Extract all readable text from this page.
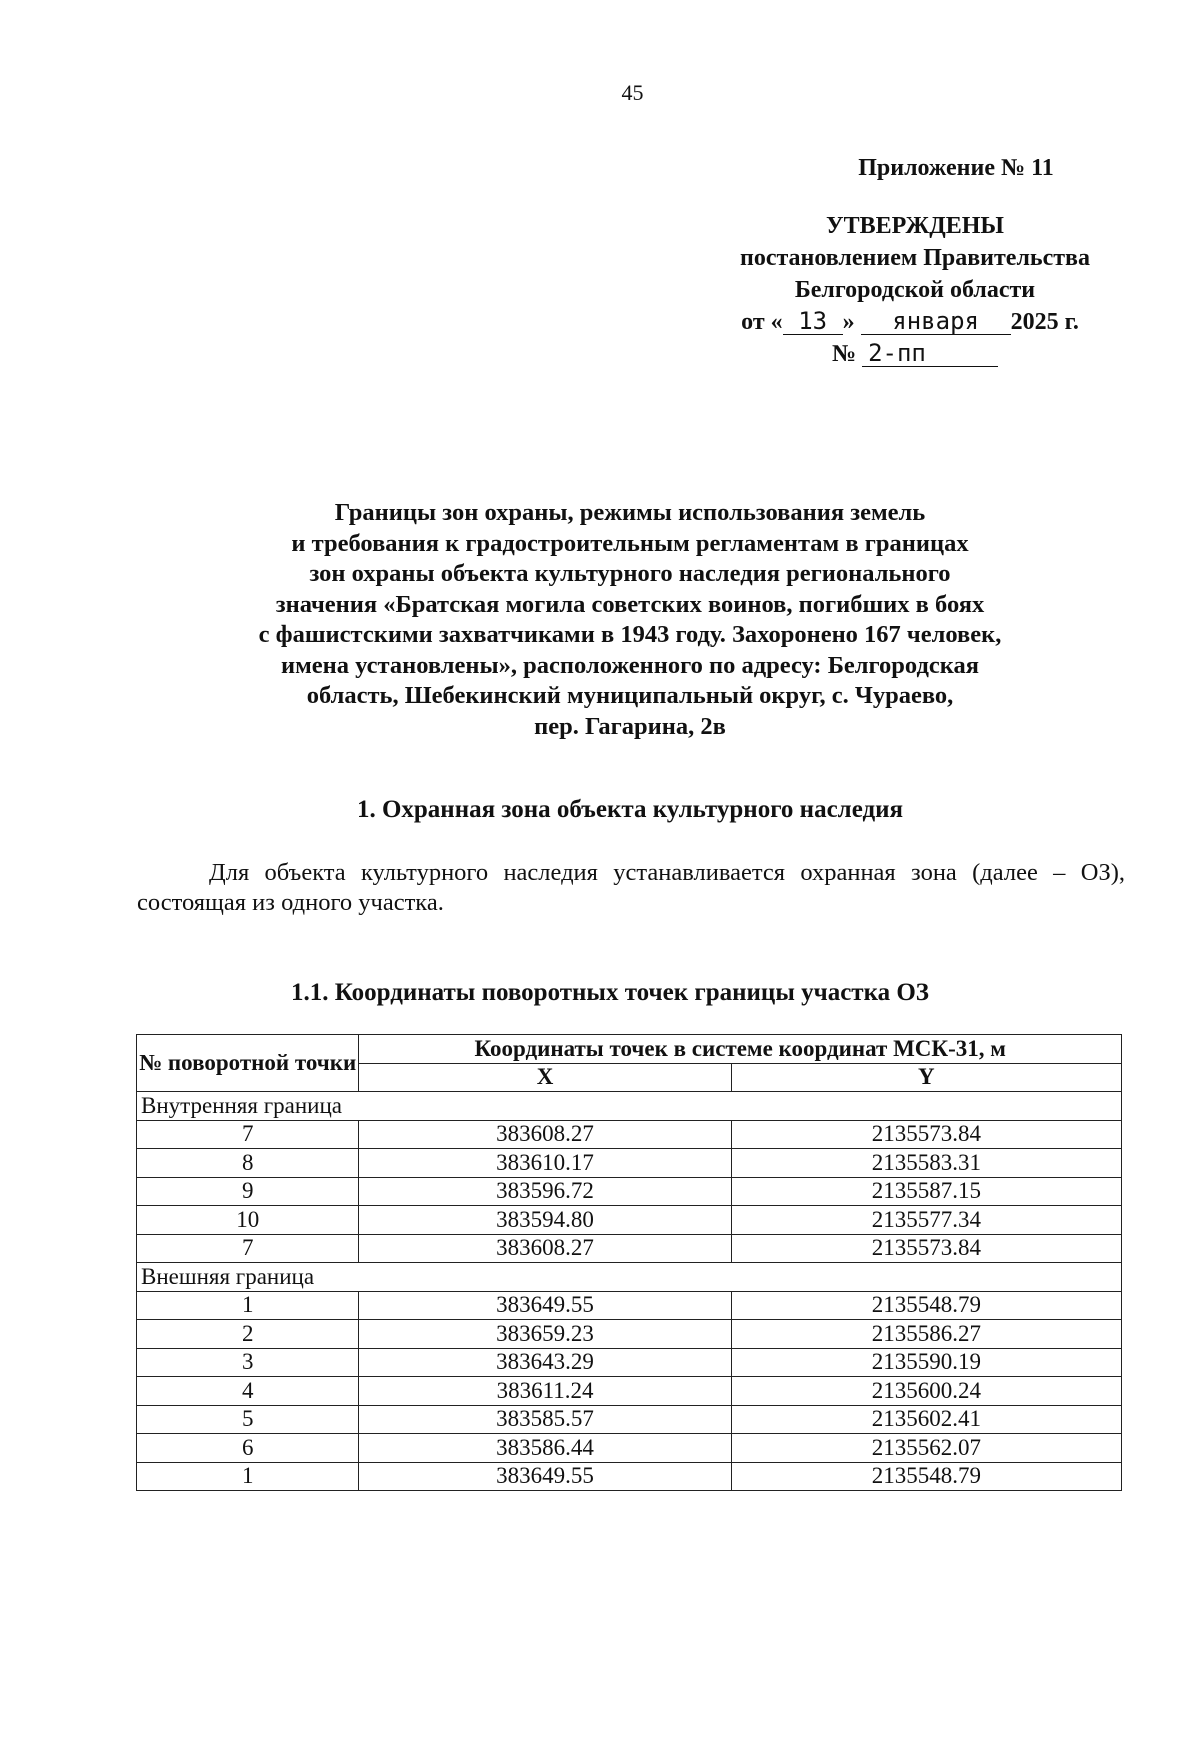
45
Приложение № 11
УТВЕРЖДЕНЫ
постановлением Правительства
Белгородской области
от « 13 » января 2025 г.
№ 2-пп
Границы зон охраны, режимы использования земель
и требования к градостроительным регламентам в границах
зон охраны объекта культурного наследия регионального
значения «Братская могила советских воинов, погибших в боях
с фашистскими захватчиками в 1943 году. Захоронено 167 человек,
имена установлены», расположенного по адресу: Белгородская
область, Шебекинский муниципальный округ, с. Чураево,
пер. Гагарина, 2в
1. Охранная зона объекта культурного наследия
Для объекта культурного наследия устанавливается охранная зона (далее – ОЗ), состоящая из одного участка.
1.1. Координаты поворотных точек границы участка ОЗ
№ поворотной точки	Координаты точек в системе координат МСК-31, м	
	X	Y
Внутренняя граница		
7	383608.27	2135573.84
8	383610.17	2135583.31
9	383596.72	2135587.15
10	383594.80	2135577.34
7	383608.27	2135573.84
Внешняя граница		
1	383649.55	2135548.79
2	383659.23	2135586.27
3	383643.29	2135590.19
4	383611.24	2135600.24
5	383585.57	2135602.41
6	383586.44	2135562.07
1	383649.55	2135548.79
